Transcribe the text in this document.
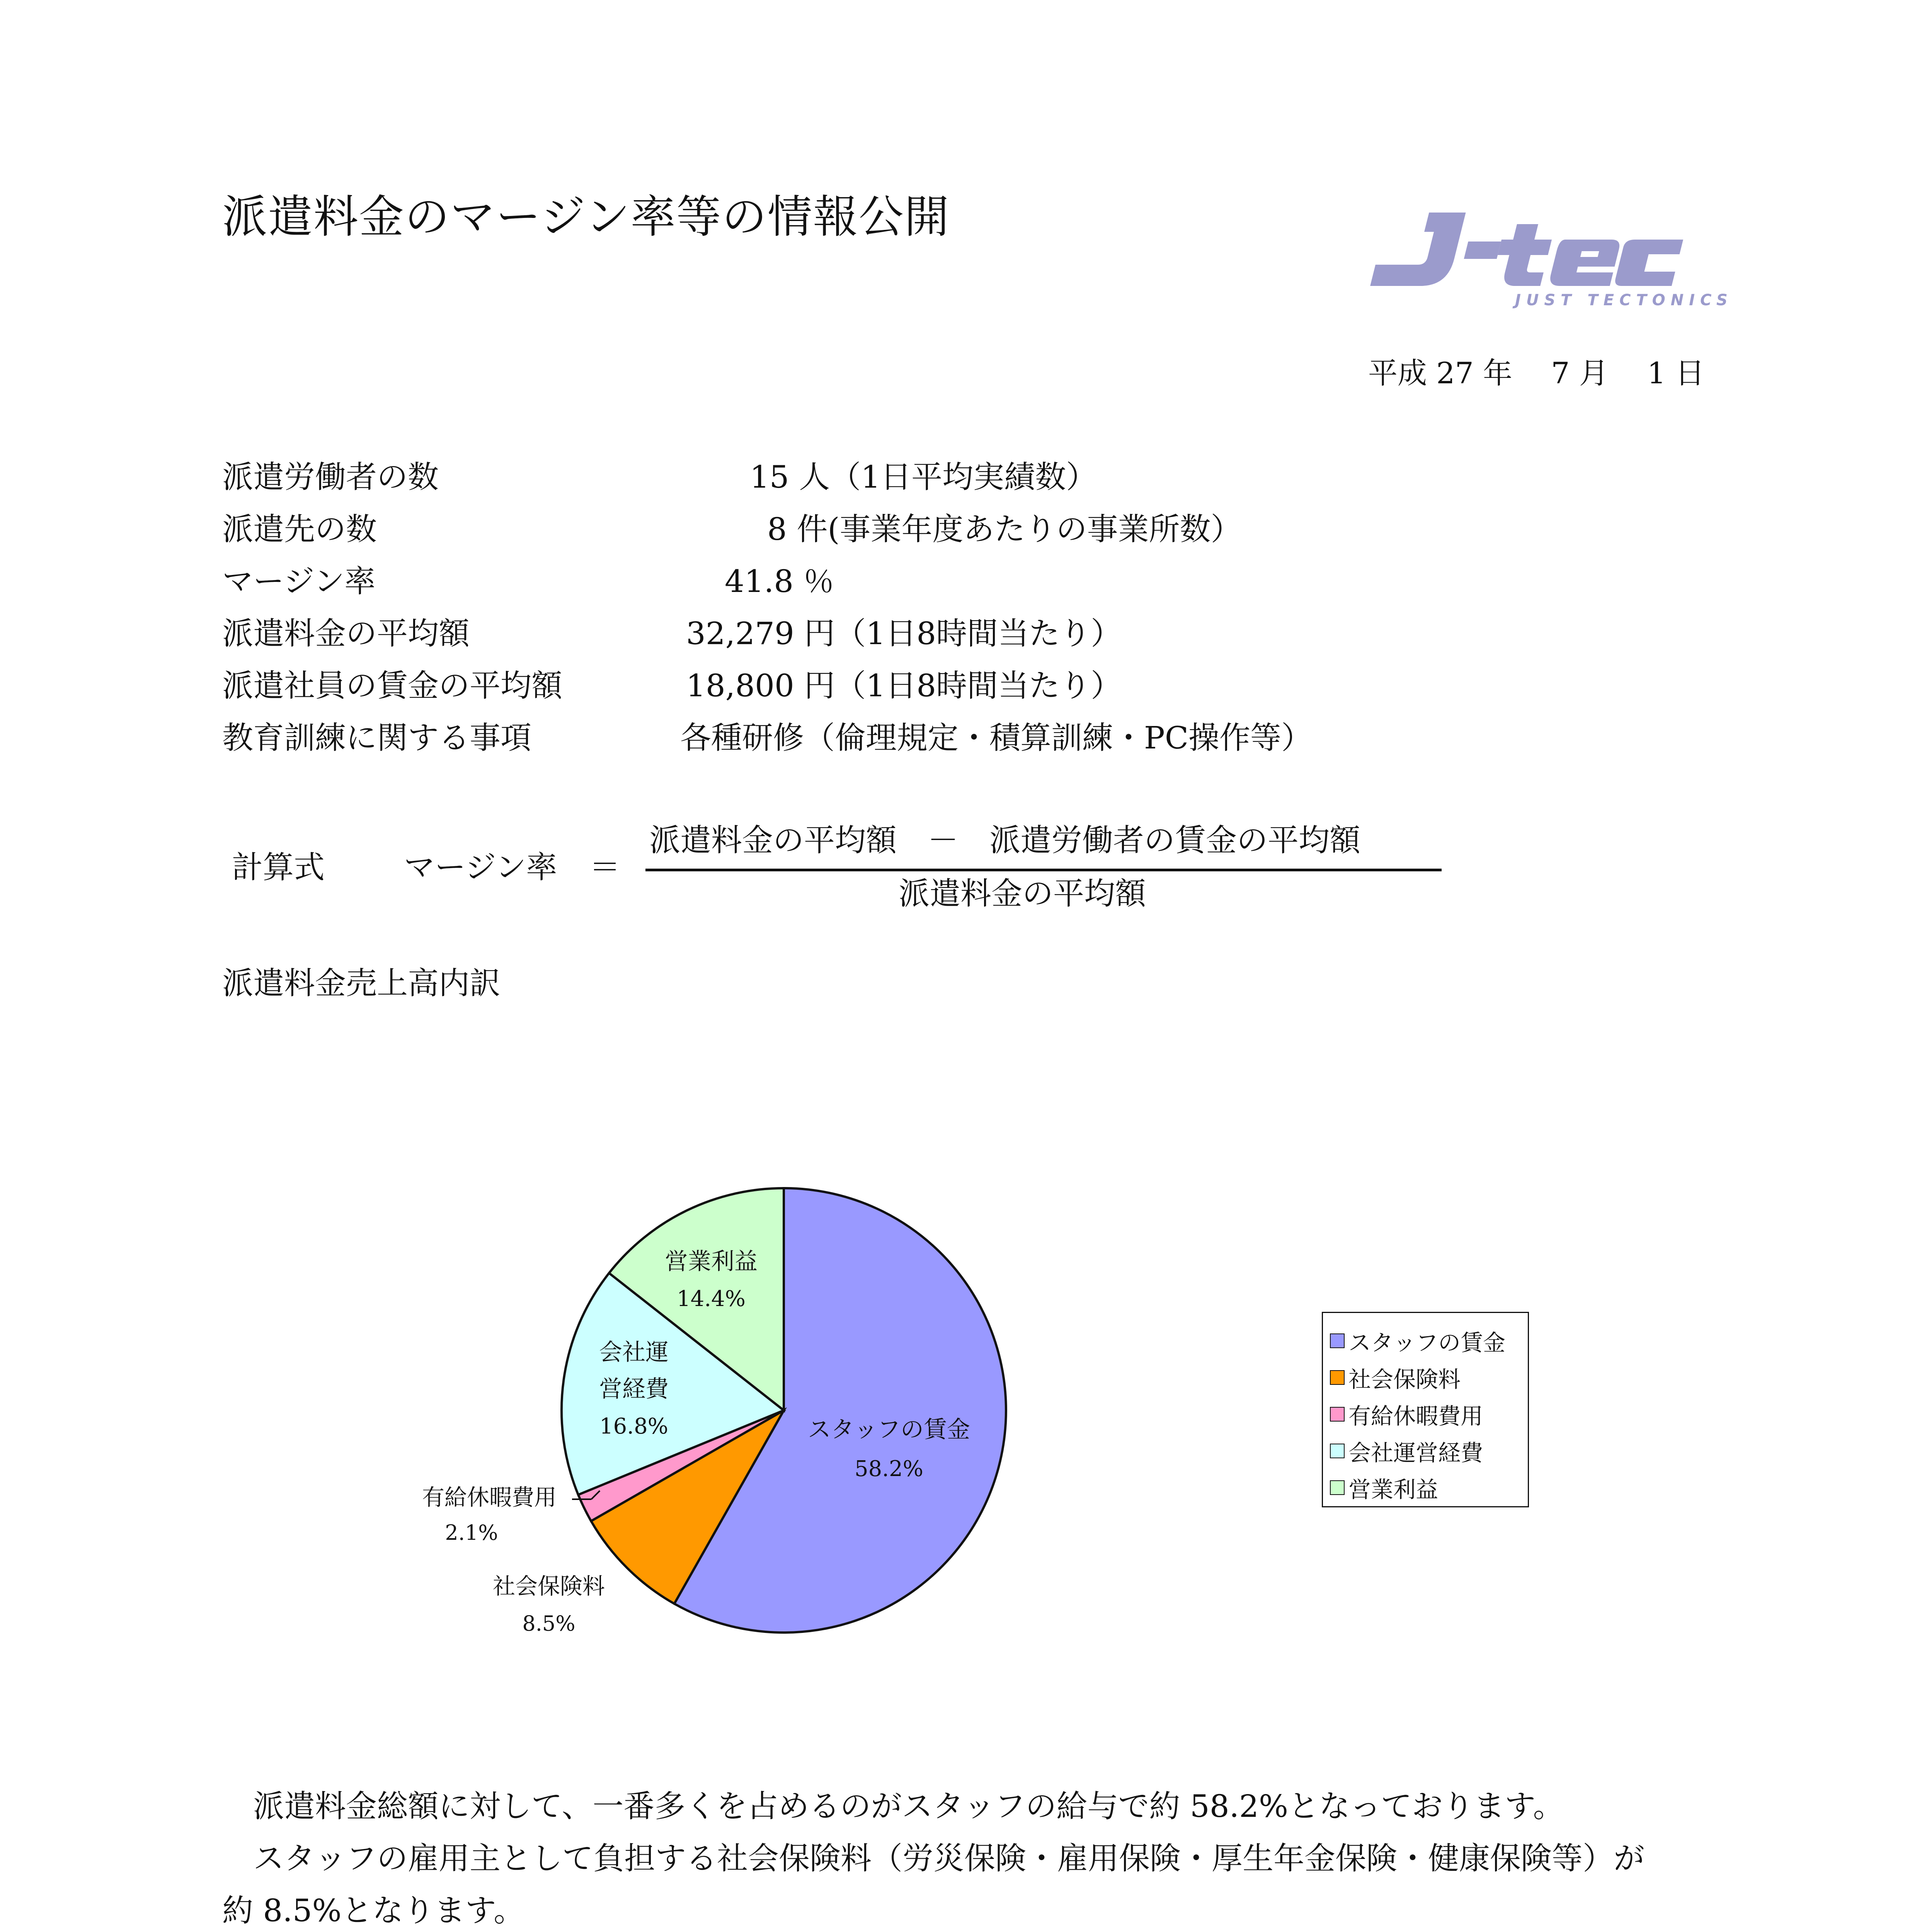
派遣料金のマージン率等の情報公開
JUST TECTONICS
平成 27 年　 7 月 　1 日
派遣労働者の数	15 人（1日平均実績数）
派遣先の数	8 件(事業年度あたりの事業所数）
マージン率	41.8 ％
派遣料金の平均額	32,279 円（1日8時間当たり）
派遣社員の賃金の平均額	18,800 円（1日8時間当たり）
教育訓練に関する事項	各種研修（倫理規定・積算訓練・PC操作等）
計算式	マージン率 ＝
派遣料金の平均額　－　派遣労働者の賃金の平均額
派遣料金の平均額
派遣料金売上高内訳
営業利益
14.4%
会社運
営経費
16.8%	スタッフの賃金
58.2%
有給休暇費用
2.1%
社会保険料
8.5%
スタッフの賃金
社会保険料
有給休暇費用
会社運営経費
営業利益
　派遣料金総額に対して、一番多くを占めるのがスタッフの給与で約 58.2%となっております。
　スタッフの雇用主として負担する社会保険料（労災保険・雇用保険・厚生年金保険・健康保険等）が
約 8.5%となります。
